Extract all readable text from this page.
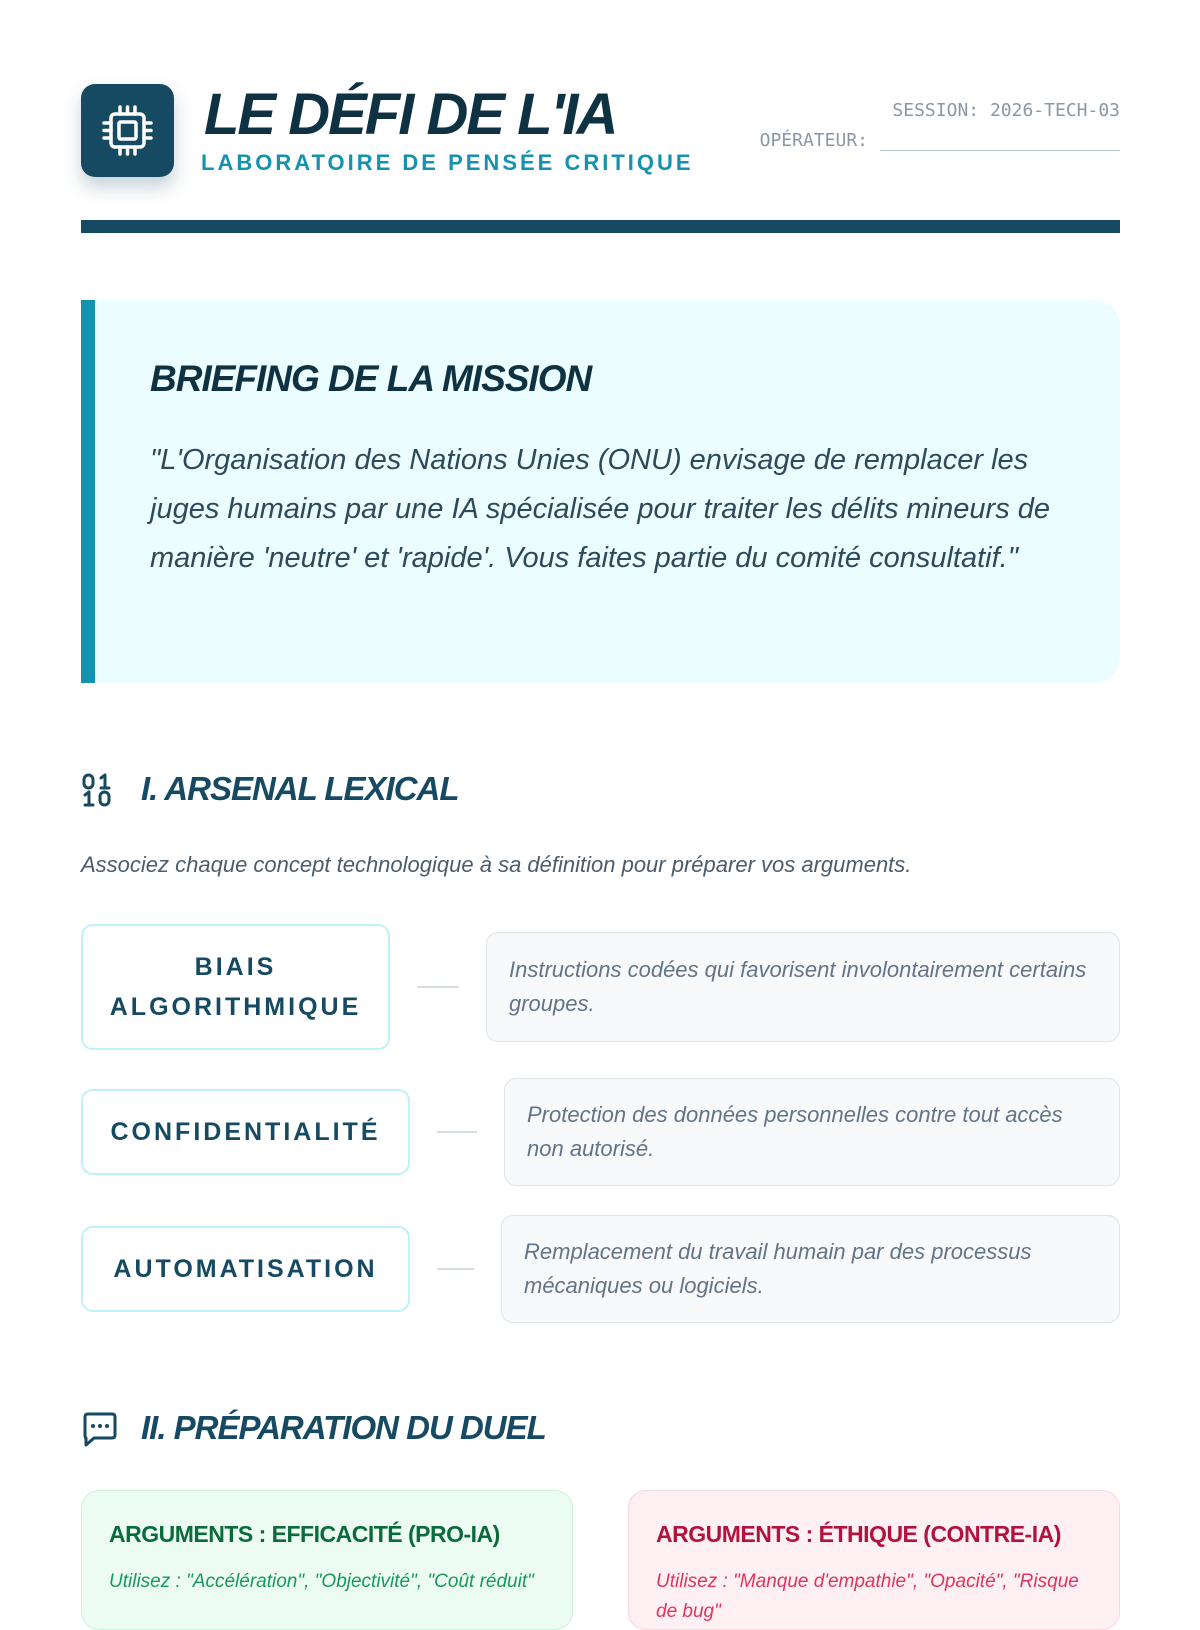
LE DÉFI DE L'IA
LABORATOIRE DE PENSÉE CRITIQUE
SESSION: 2026-TECH-03
OPÉRATEUR:
BRIEFING DE LA MISSION

"L'Organisation des Nations Unies (ONU) envisage de remplacer les juges humains par une IA spécialisée pour traiter les délits mineurs de manière 'neutre' et 'rapide'. Vous faites partie du comité consultatif."

I. ARSENAL LEXICAL
Associez chaque concept technologique à sa définition pour préparer vos arguments.
BIAIS ALGORITHMIQUE
Instructions codées qui favorisent involontairement certains groupes.
CONFIDENTIALITÉ
Protection des données personnelles contre tout accès non autorisé.
AUTOMATISATION
Remplacement du travail humain par des processus mécaniques ou logiciels.
II. PRÉPARATION DU DUEL
ARGUMENTS : EFFICACITÉ (PRO-IA)

Utilisez : "Accélération", "Objectivité", "Coût réduit"

ARGUMENTS : ÉTHIQUE (CONTRE-IA)

Utilisez : "Manque d'empathie", "Opacité", "Risque de bug"
